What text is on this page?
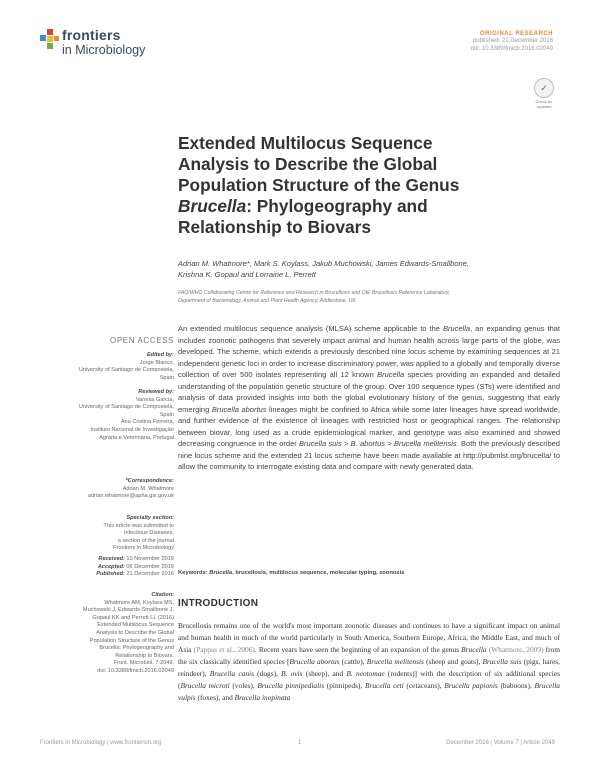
frontiers
in Microbiology
ORIGINAL RESEARCH
published: 21 December 2016
doi: 10.3389/fmicb.2016.02049
✓
Check for updates
Extended Multilocus Sequence
Analysis to Describe the Global
Population Structure of the Genus
Brucella: Phylogeography and
Relationship to Biovars
Adrian M. Whatmore*, Mark S. Koylass, Jakub Muchowski, James Edwards-Smallbone,
Krishna K. Gopaul and Lorraine L. Perrett
FAO/WHO Collaborating Centre for Reference and Research in Brucellosis and OIE Brucellosis Reference Laboratory,
Department of Bacteriology, Animal and Plant Health Agency, Addlestone, UK
OPEN ACCESS
Edited by:
Jorge Blanco,
University of Santiago de Compostela,
Spain
Reviewed by:
Vanesa Garcia,
University of Santiago de Compostela,
Spain
Ana Cristina Ferreira,
Instituto Nacional de Investigação
Agrária e Veterinária, Portugal
*Correspondence:
Adrian M. Whatmore
adrian.whatmore@apha.gsi.gov.uk
Specialty section:
This article was submitted to
Infectious Diseases,
a section of the journal
Frontiers in Microbiology
Received: 10 November 2016
Accepted: 06 December 2016
Published: 21 December 2016
Citation:
Whatmore AM, Koylass MS,
Muchowski J, Edwards-Smallbone J,
Gopaul KK and Perrett LL (2016)
Extended Multilocus Sequence
Analysis to Describe the Global
Population Structure of the Genus
Brucella: Phylogeography and
Relationship to Biovars.
Front. Microbiol. 7:2049.
doi: 10.3389/fmicb.2016.02049
An extended multilocus sequence analysis (MLSA) scheme applicable to the Brucella, an expanding genus that includes zoonotic pathogens that severely impact animal and human health across large parts of the globe, was developed. The scheme, which extends a previously described nine locus scheme by examining sequences at 21 independent genetic loci in order to increase discriminatory power, was applied to a globally and temporally diverse collection of over 500 isolates representing all 12 known Brucella species providing an expanded and detailed understanding of the population genetic structure of the group. Over 100 sequence types (STs) were identified and analysis of data provided insights into both the global evolutionary history of the genus, suggesting that early emerging Brucella abortus lineages might be confined to Africa while some later lineages have spread worldwide, and further evidence of the existence of lineages with restricted host or geographical ranges. The relationship between biovar, long used as a crude epidemiological marker, and genotype was also examined and showed decreasing congruence in the order Brucella suis > B. abortus > Brucella melitensis. Both the previously described nine locus scheme and the extended 21 locus scheme have been made available at http://pubmlst.org/brucella/ to allow the community to interrogate existing data and compare with newly generated data.
Keywords: Brucella, brucellosis, multilocus sequence, molecular typing, zoonosis
INTRODUCTION
Brucellosis remains one of the world's most important zoonotic diseases and continues to have a significant impact on animal and human health in much of the world particularly in South America, Southern Europe, Africa, the Middle East, and much of Asia (Pappas et al., 2006). Recent years have seen the beginning of an expansion of the genus Brucella (Whatmore, 2009) from the six classically identified species [Brucella abortus (cattle), Brucella melitensis (sheep and goats), Brucella suis (pigs, hares, reindeer), Brucella canis (dogs), B. ovis (sheep), and B. neotomae (rodents)] with the description of six additional species (Brucella microti (voles), Brucella pinnipedialis (pinnipeds), Brucella ceti (cetaceans), Brucella papionis (baboons), Brucella vulpis (foxes), and Brucella inopinata
Frontiers in Microbiology | www.frontiersin.org	1	December 2016 | Volume 7 | Article 2049
